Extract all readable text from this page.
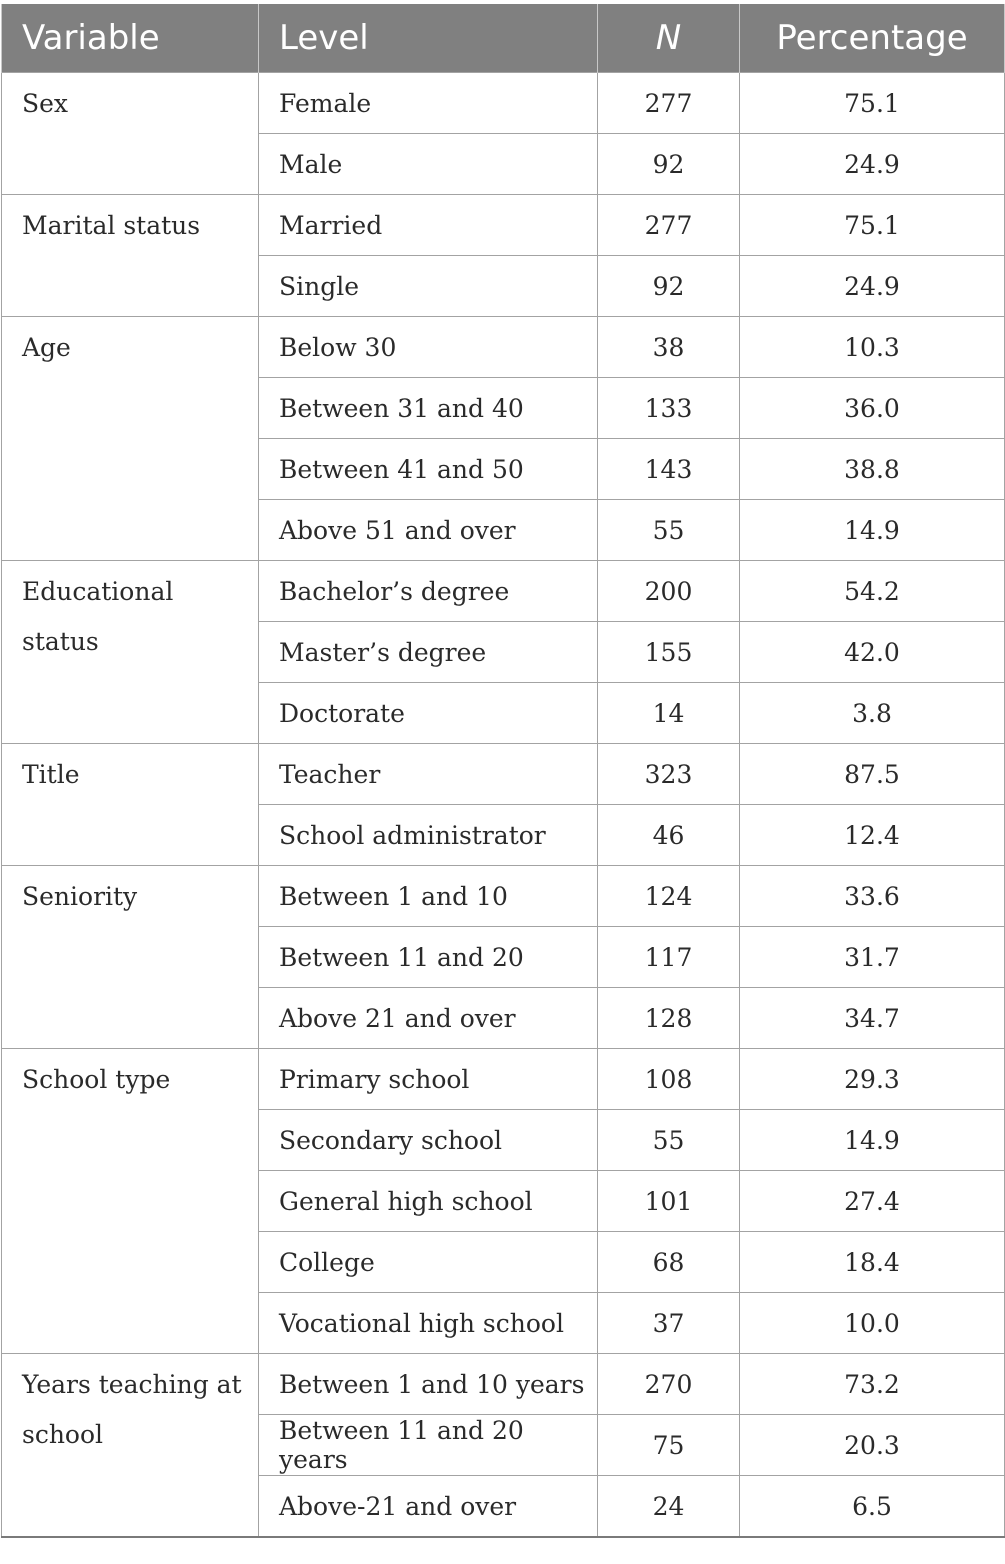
Variable	Level	N	Percentage
Sex	Female	277	75.1
	Male	92	24.9
Marital status	Married	277	75.1
	Single	92	24.9
Age	Below 30	38	10.3
	Between 31 and 40	133	36.0
	Between 41 and 50	143	38.8
	Above 51 and over	55	14.9
Educational status	Bachelor’s degree	200	54.2
	Master’s degree	155	42.0
	Doctorate	14	3.8
Title	Teacher	323	87.5
	School administrator	46	12.4
Seniority	Between 1 and 10	124	33.6
	Between 11 and 20	117	31.7
	Above 21 and over	128	34.7
School type	Primary school	108	29.3
	Secondary school	55	14.9
	General high school	101	27.4
	College	68	18.4
	Vocational high school	37	10.0
Years teaching at school	Between 1 and 10 years	270	73.2
	Between 11 and 20 years	75	20.3
	Above-21 and over	24	6.5
